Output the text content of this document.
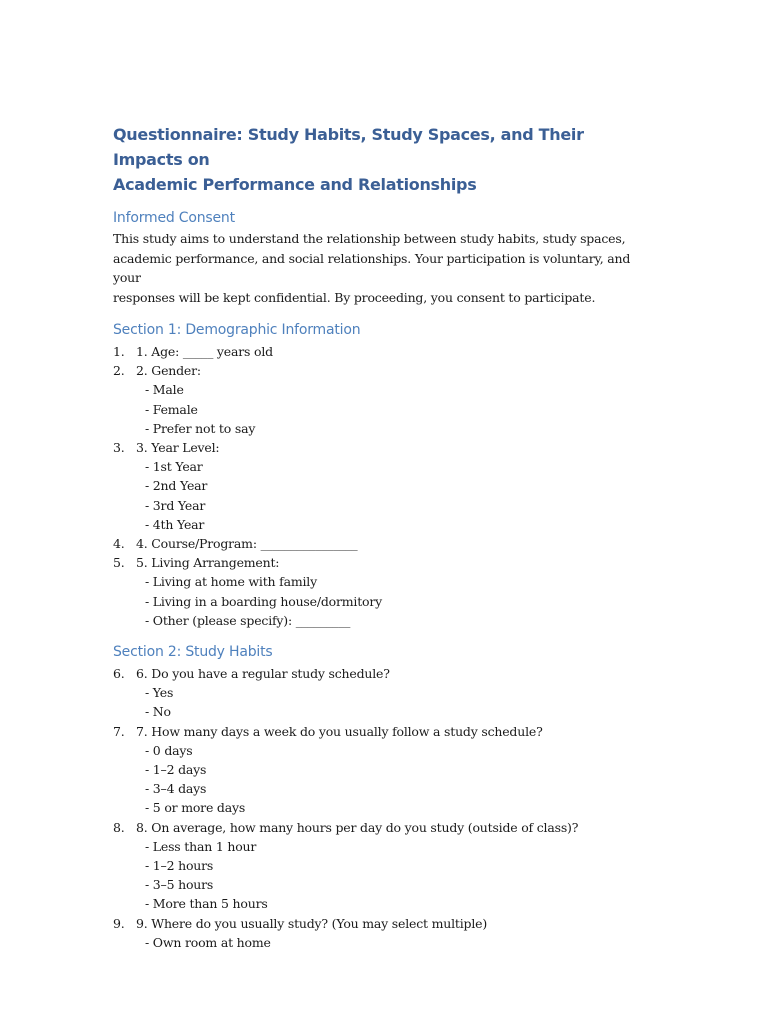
Questionnaire: Study Habits, Study Spaces, and Their Impacts on
Academic Performance and Relationships
Informed Consent
This study aims to understand the relationship between study habits, study spaces,
academic performance, and social relationships. Your participation is voluntary, and your
responses will be kept confidential. By proceeding, you consent to participate.
Section 1: Demographic Information
1. 1. Age: _____ years old
2. 2. Gender:
- Male
- Female
- Prefer not to say
3. 3. Year Level:
- 1st Year
- 2nd Year
- 3rd Year
- 4th Year
4. 4. Course/Program: ________________
5. 5. Living Arrangement:
- Living at home with family
- Living in a boarding house/dormitory
- Other (please specify): _________
Section 2: Study Habits
6. 6. Do you have a regular study schedule?
- Yes
- No
7. 7. How many days a week do you usually follow a study schedule?
- 0 days
- 1–2 days
- 3–4 days
- 5 or more days
8. 8. On average, how many hours per day do you study (outside of class)?
- Less than 1 hour
- 1–2 hours
- 3–5 hours
- More than 5 hours
9. 9. Where do you usually study? (You may select multiple)
- Own room at home
